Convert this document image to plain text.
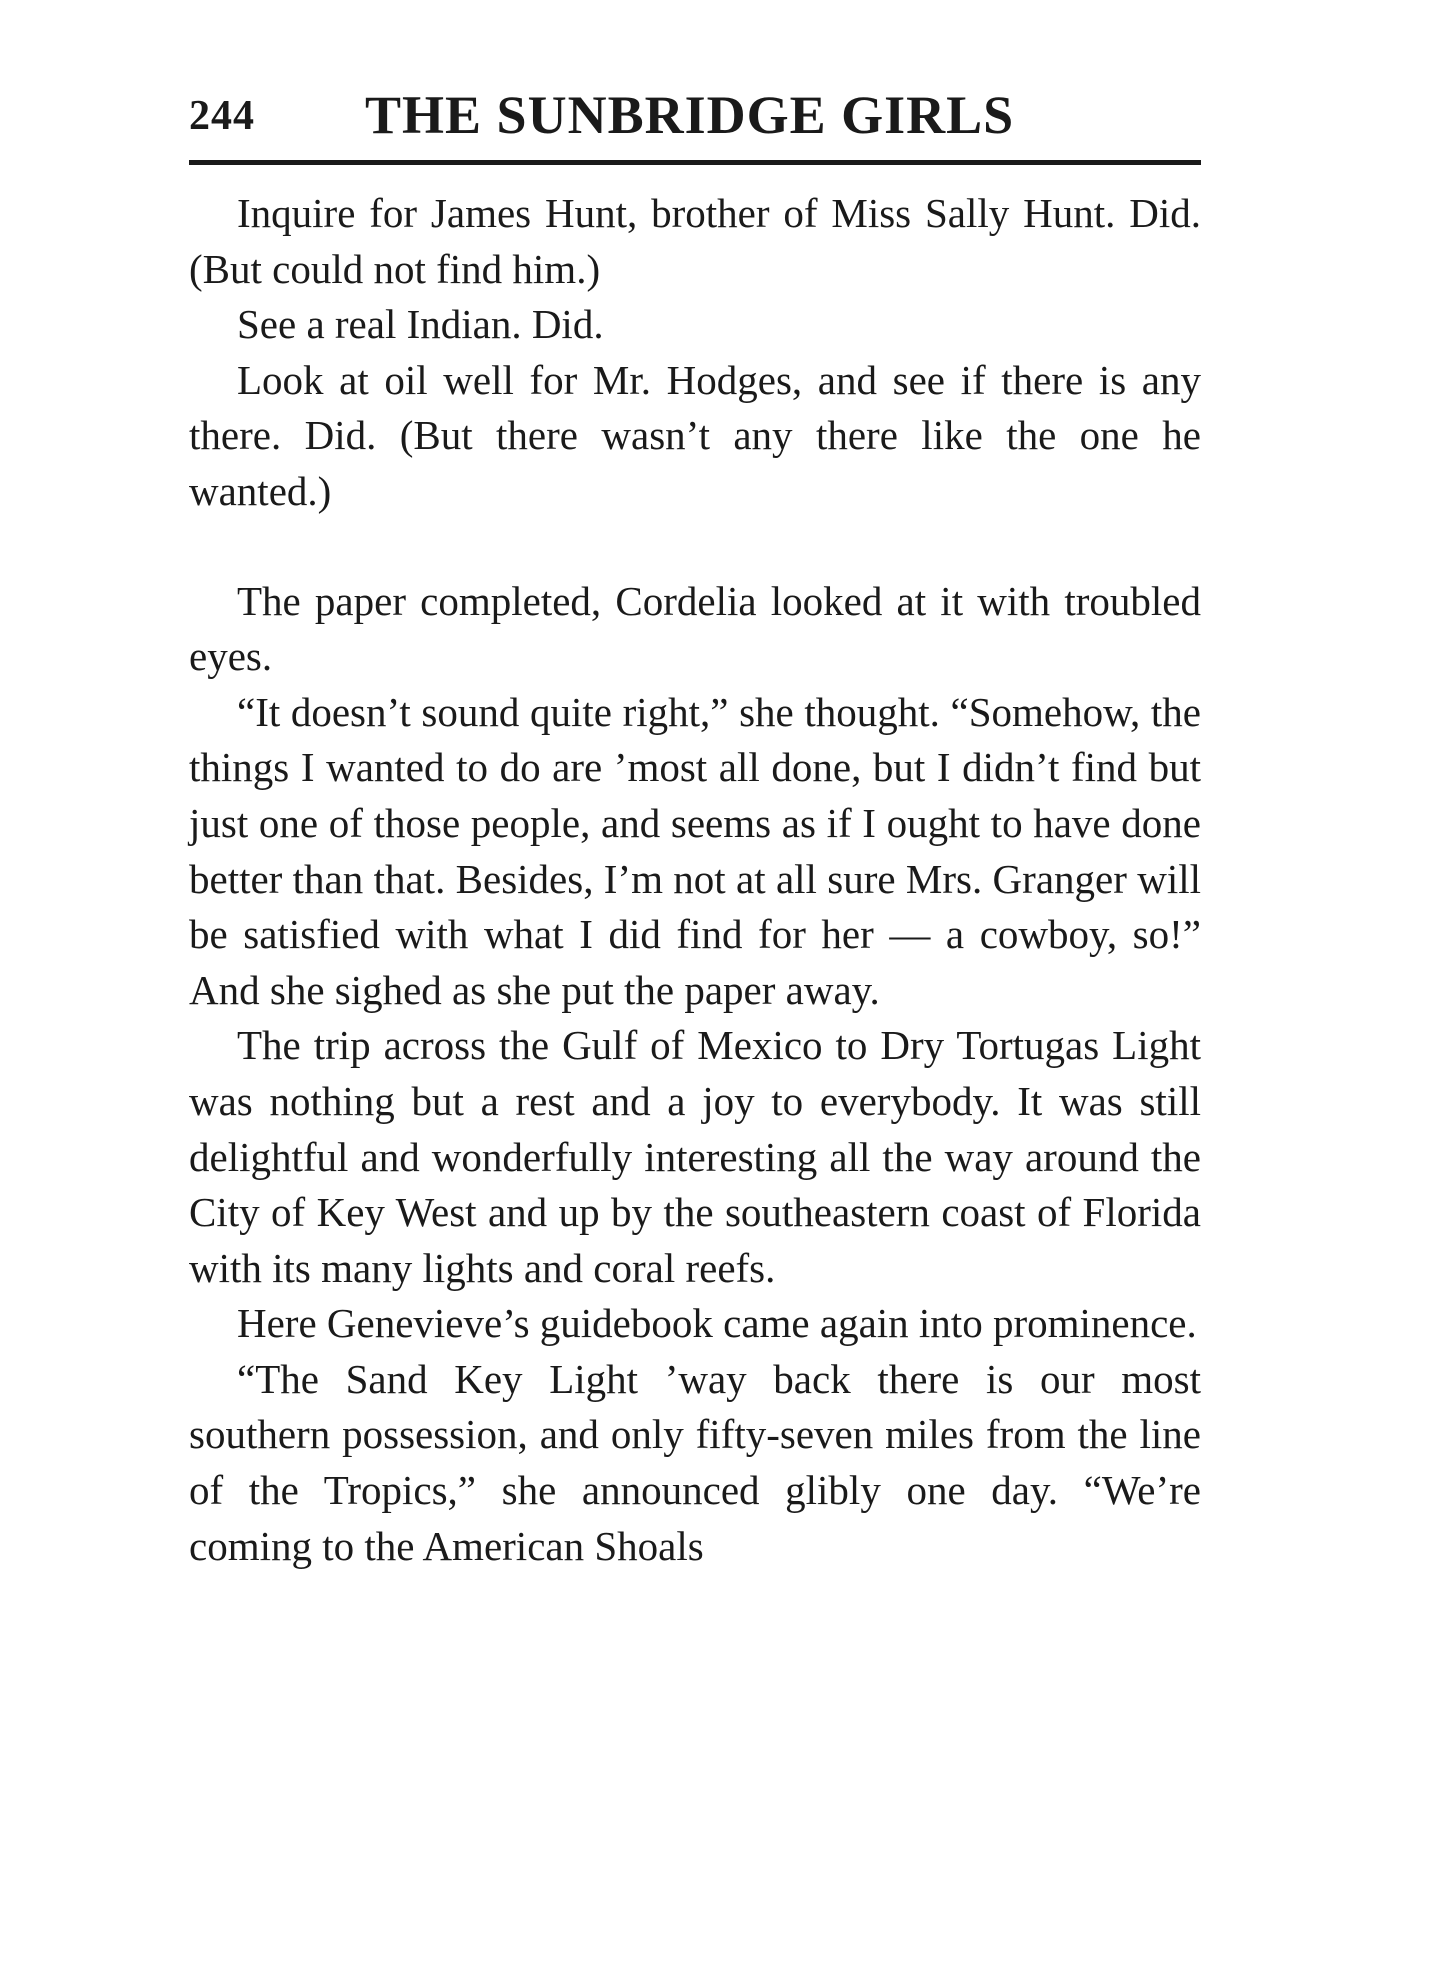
244 THE SUNBRIDGE GIRLS

Inquire for James Hunt, brother of Miss Sally Hunt. Did. (But could not find him.)

See a real Indian. Did.

Look at oil well for Mr. Hodges, and see if there is any there. Did. (But there wasn’t any there like the one he wanted.)

The paper completed, Cordelia looked at it with troubled eyes.

“It doesn’t sound quite right,” she thought. “Somehow, the things I wanted to do are ’most all done, but I didn’t find but just one of those people, and seems as if I ought to have done better than that. Besides, I’m not at all sure Mrs. Granger will be satisfied with what I did find for her — a cowboy, so!” And she sighed as she put the paper away.

The trip across the Gulf of Mexico to Dry Tortugas Light was nothing but a rest and a joy to everybody. It was still delightful and wonderfully interesting all the way around the City of Key West and up by the southeastern coast of Florida with its many lights and coral reefs.

Here Genevieve’s guidebook came again into prominence.

“The Sand Key Light ’way back there is our most southern possession, and only fifty-seven miles from the line of the Tropics,” she announced glibly one day. “We’re coming to the American Shoals
